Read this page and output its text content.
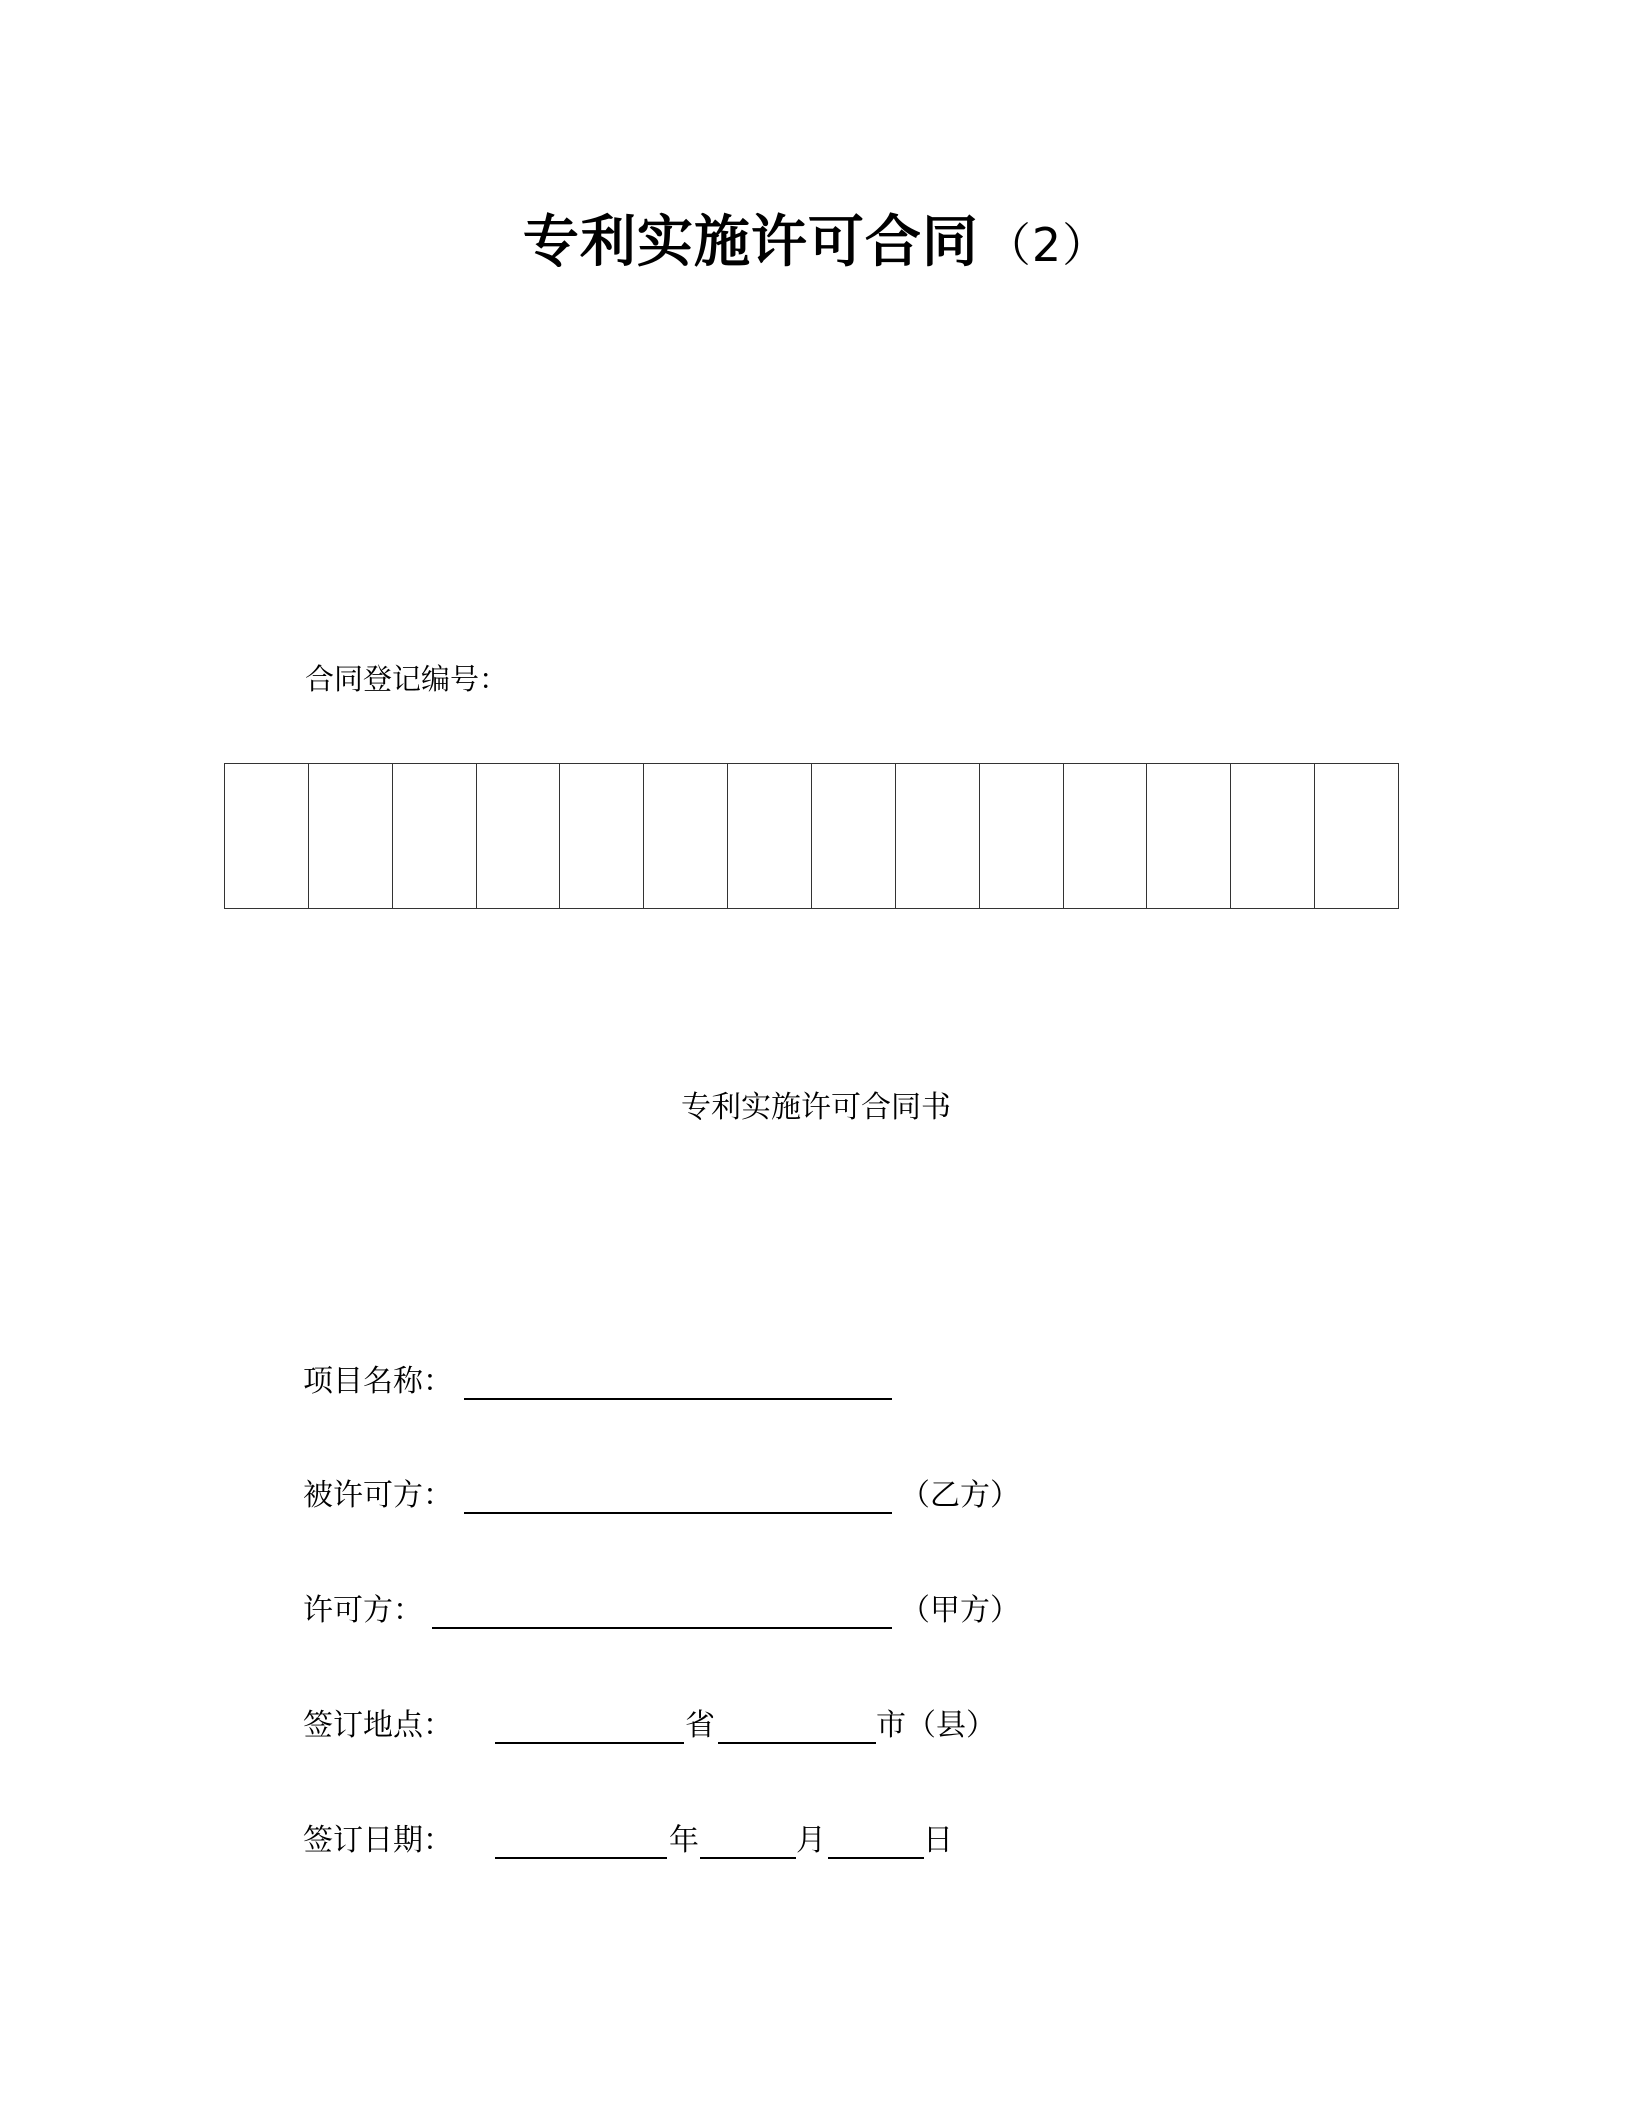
专利实施许可合同 （2）
合同登记编号：
专利实施许可合同书
项目名称：
被许可方：	（乙方）
许可方：	（甲方）
签订地点：	省	市（县）
签订日期：	年	月	日
